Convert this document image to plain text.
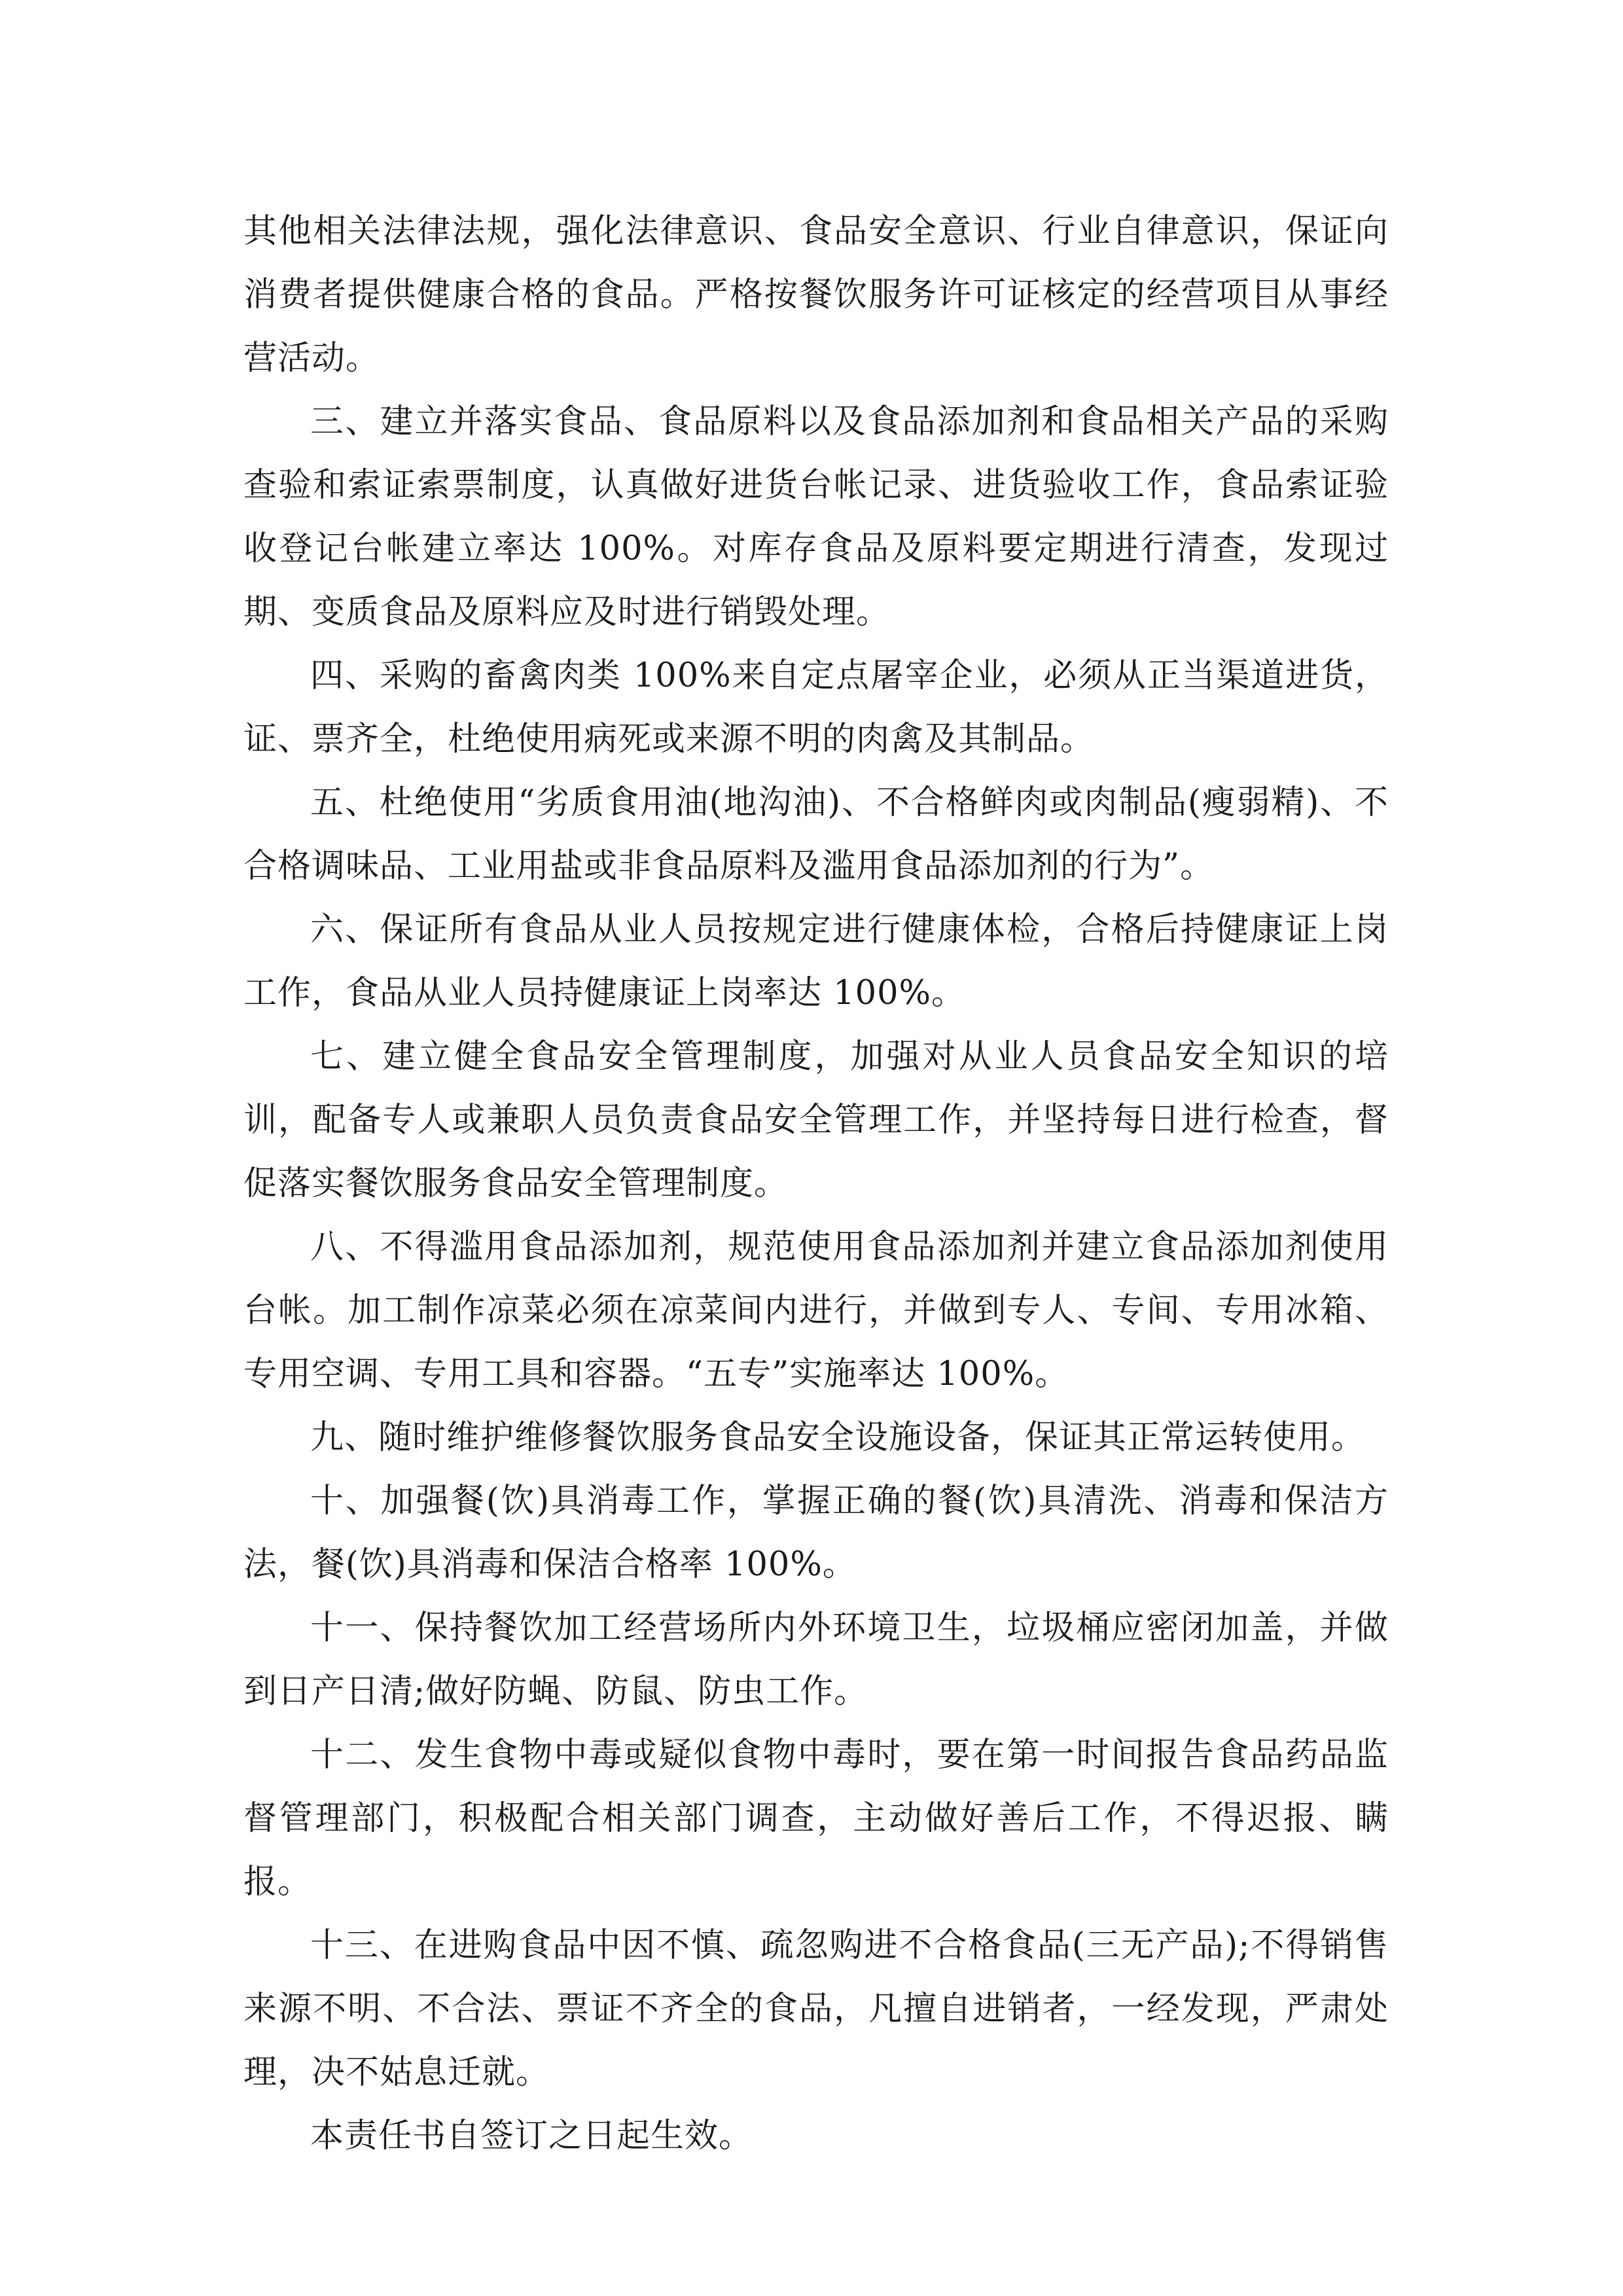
其他相关法律法规，强化法律意识、食品安全意识、行业自律意识，保证向消费者提供健康合格的食品。严格按餐饮服务许可证核定的经营项目从事经营活动。

三、建立并落实食品、食品原料以及食品添加剂和食品相关产品的采购查验和索证索票制度，认真做好进货台帐记录、进货验收工作，食品索证验收登记台帐建立率达 100%。对库存食品及原料要定期进行清查，发现过期、变质食品及原料应及时进行销毁处理。

四、采购的畜禽肉类 100%来自定点屠宰企业，必须从正当渠道进货，证、票齐全，杜绝使用病死或来源不明的肉禽及其制品。

五、杜绝使用“劣质食用油(地沟油)、不合格鲜肉或肉制品(瘦弱精)、不合格调味品、工业用盐或非食品原料及滥用食品添加剂的行为”。

六、保证所有食品从业人员按规定进行健康体检，合格后持健康证上岗工作，食品从业人员持健康证上岗率达 100%。

七、建立健全食品安全管理制度，加强对从业人员食品安全知识的培训，配备专人或兼职人员负责食品安全管理工作，并坚持每日进行检查，督促落实餐饮服务食品安全管理制度。

八、不得滥用食品添加剂，规范使用食品添加剂并建立食品添加剂使用台帐。加工制作凉菜必须在凉菜间内进行，并做到专人、专间、专用冰箱、专用空调、专用工具和容器。“五专”实施率达 100%。

九、随时维护维修餐饮服务食品安全设施设备，保证其正常运转使用。

十、加强餐(饮)具消毒工作，掌握正确的餐(饮)具清洗、消毒和保洁方法，餐(饮)具消毒和保洁合格率 100%。

十一、保持餐饮加工经营场所内外环境卫生，垃圾桶应密闭加盖，并做到日产日清;做好防蝇、防鼠、防虫工作。

十二、发生食物中毒或疑似食物中毒时，要在第一时间报告食品药品监督管理部门，积极配合相关部门调查，主动做好善后工作，不得迟报、瞒报。

十三、在进购食品中因不慎、疏忽购进不合格食品(三无产品);不得销售来源不明、不合法、票证不齐全的食品，凡擅自进销者，一经发现，严肃处理，决不姑息迁就。

本责任书自签订之日起生效。
